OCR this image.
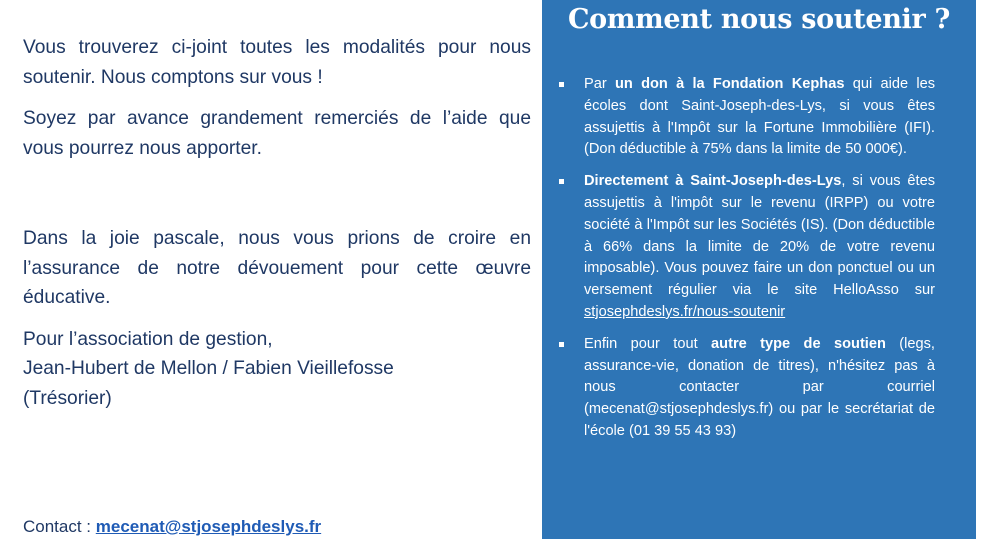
Vous trouverez ci-joint toutes les modalités pour nous soutenir. Nous comptons sur vous !

Soyez par avance grandement remerciés de l’aide que vous pourrez nous apporter.

Dans la joie pascale, nous vous prions de croire en l’assurance de notre dévouement pour cette œuvre éducative.

Pour l’association de gestion,
Jean-Hubert de Mellon / Fabien Vieillefosse
(Trésorier)

Contact : mecenat@stjosephdeslys.fr
Comment nous soutenir ?
Par un don à la Fondation Kephas qui aide les écoles dont Saint-Joseph-des-Lys, si vous êtes assujettis à l'Impôt sur la Fortune Immobilière (IFI). (Don déductible à 75% dans la limite de 50 000€).
Directement à Saint-Joseph-des-Lys, si vous êtes assujettis à l'impôt sur le revenu (IRPP) ou votre société à l'Impôt sur les Sociétés (IS). (Don déductible à 66% dans la limite de 20% de votre revenu imposable). Vous pouvez faire un don ponctuel ou un versement régulier via le site HelloAsso sur stjosephdeslys.fr/nous-soutenir
Enfin pour tout autre type de soutien (legs, assurance-vie, donation de titres), n'hésitez pas à nous contacter par courriel (mecenat@stjosephdeslys.fr) ou par le secrétariat de l'école (01 39 55 43 93)
